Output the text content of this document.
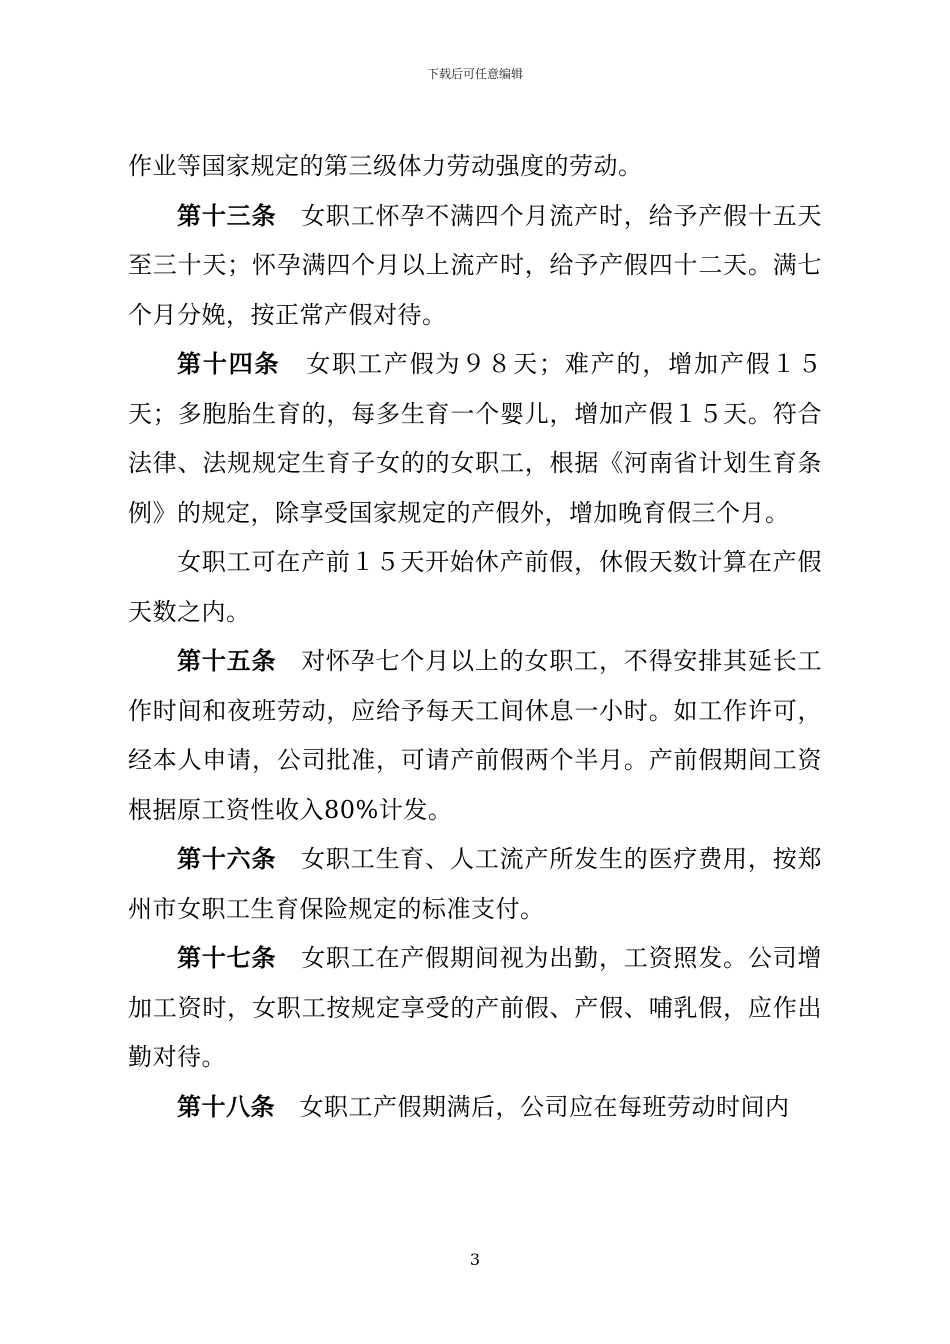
下载后可任意编辑

作业等国家规定的第三级体力劳动强度的劳动。

第十三条　 女职工怀孕不满四个月流产时，给予产假十五天至三十天；怀孕满四个月以上流产时，给予产假四十二天。满七个月分娩，按正常产假对待。

第十四条　 女职工产假为９８天；难产的，增加产假１５天；多胞胎生育的，每多生育一个婴儿，增加产假１５天。符合法律、法规规定生育子女的的女职工，根据《河南省计划生育条例》的规定，除享受国家规定的产假外，增加晚育假三个月。

女职工可在产前１５天开始休产前假，休假天数计算在产假天数之内。

第十五条　 对怀孕七个月以上的女职工，不得安排其延长工作时间和夜班劳动，应给予每天工间休息一小时。如工作许可，经本人申请，公司批准，可请产前假两个半月。产前假期间工资根据原工资性收入80%计发。

第十六条　 女职工生育、人工流产所发生的医疗费用，按郑州市女职工生育保险规定的标准支付。

第十七条　 女职工在产假期间视为出勤，工资照发。公司增加工资时，女职工按规定享受的产前假、产假、哺乳假，应作出勤对待。

第十八条　 女职工产假期满后，公司应在每班劳动时间内

3
